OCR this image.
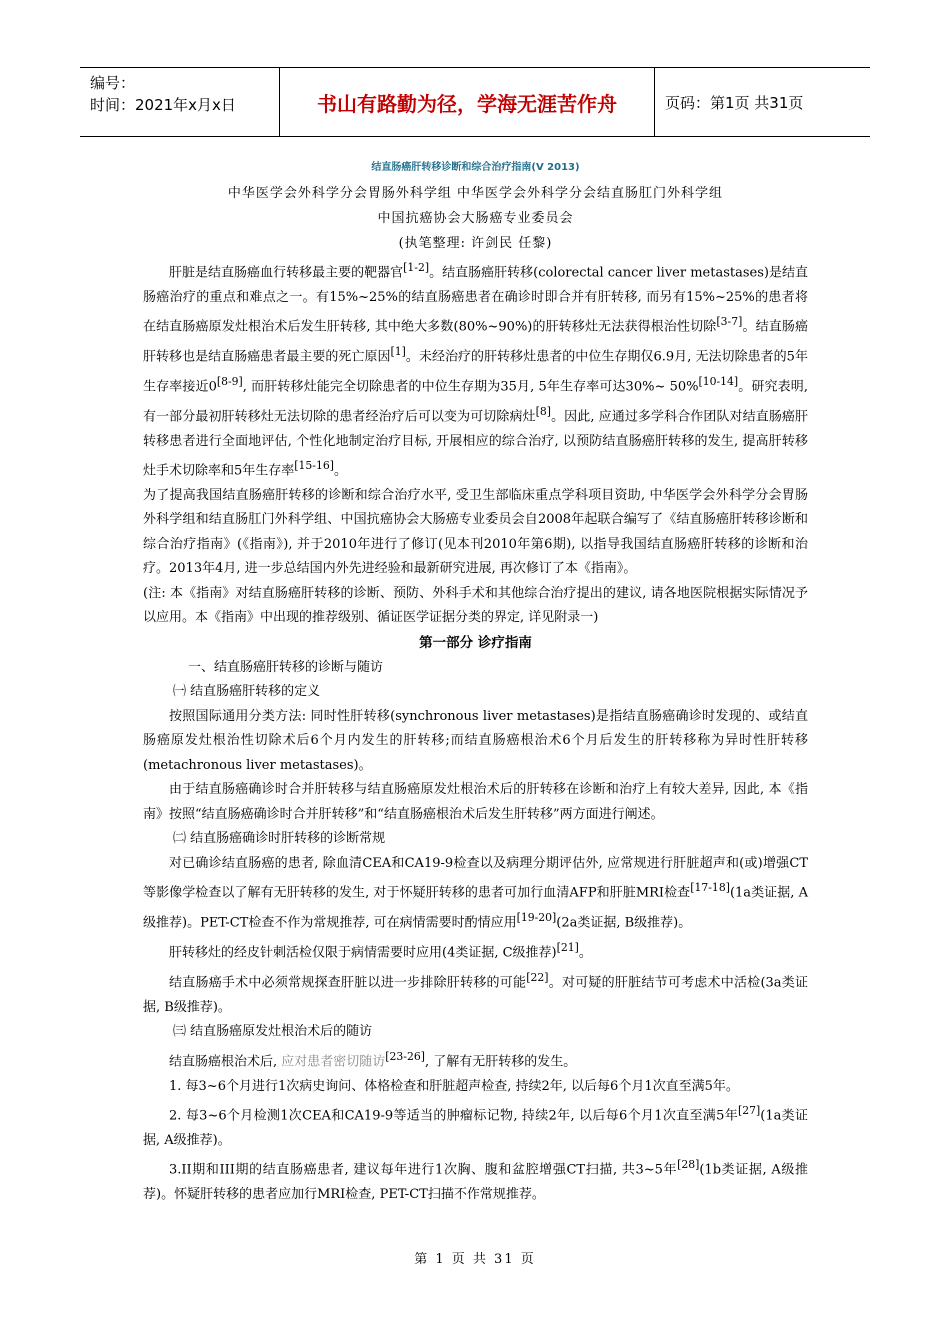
编号：
时间：2021年x月x日	书山有路勤为径，学海无涯苦作舟	页码：第1页 共31页
结直肠癌肝转移诊断和综合治疗指南(V 2013)
中华医学会外科学分会胃肠外科学组 中华医学会外科学分会结直肠肛门外科学组
中国抗癌协会大肠癌专业委员会
(执笔整理: 许剑民 任黎)

肝脏是结直肠癌血行转移最主要的靶器官[1-2]。结直肠癌肝转移(colorectal cancer liver metastases)是结直肠癌治疗的重点和难点之一。有15%~25%的结直肠癌患者在确诊时即合并有肝转移, 而另有15%~25%的患者将在结直肠癌原发灶根治术后发生肝转移, 其中绝大多数(80%~90%)的肝转移灶无法获得根治性切除[3-7]。结直肠癌肝转移也是结直肠癌患者最主要的死亡原因[1]。未经治疗的肝转移灶患者的中位生存期仅6.9月, 无法切除患者的5年生存率接近0[8-9], 而肝转移灶能完全切除患者的中位生存期为35月, 5年生存率可达30%~ 50%[10-14]。研究表明, 有一部分最初肝转移灶无法切除的患者经治疗后可以变为可切除病灶[8]。因此, 应通过多学科合作团队对结直肠癌肝转移患者进行全面地评估, 个性化地制定治疗目标, 开展相应的综合治疗, 以预防结直肠癌肝转移的发生, 提高肝转移灶手术切除率和5年生存率[15-16]。

为了提高我国结直肠癌肝转移的诊断和综合治疗水平, 受卫生部临床重点学科项目资助, 中华医学会外科学分会胃肠外科学组和结直肠肛门外科学组、中国抗癌协会大肠癌专业委员会自2008年起联合编写了《结直肠癌肝转移诊断和综合治疗指南》(《指南》), 并于2010年进行了修订(见本刊2010年第6期), 以指导我国结直肠癌肝转移的诊断和治疗。2013年4月, 进一步总结国内外先进经验和最新研究进展, 再次修订了本《指南》。

(注: 本《指南》对结直肠癌肝转移的诊断、预防、外科手术和其他综合治疗提出的建议, 请各地医院根据实际情况予以应用。本《指南》中出现的推荐级别、循证医学证据分类的界定, 详见附录一)

第一部分 诊疗指南

一、结直肠癌肝转移的诊断与随访

㈠ 结直肠癌肝转移的定义

按照国际通用分类方法: 同时性肝转移(synchronous liver metastases)是指结直肠癌确诊时发现的、或结直肠癌原发灶根治性切除术后6个月内发生的肝转移;而结直肠癌根治术6个月后发生的肝转移称为异时性肝转移(metachronous liver metastases)。

由于结直肠癌确诊时合并肝转移与结直肠癌原发灶根治术后的肝转移在诊断和治疗上有较大差异, 因此, 本《指南》按照“结直肠癌确诊时合并肝转移”和“结直肠癌根治术后发生肝转移”两方面进行阐述。

㈡ 结直肠癌确诊时肝转移的诊断常规

对已确诊结直肠癌的患者, 除血清CEA和CA19-9检查以及病理分期评估外, 应常规进行肝脏超声和(或)增强CT等影像学检查以了解有无肝转移的发生, 对于怀疑肝转移的患者可加行血清AFP和肝脏MRI检查[17-18](1a类证据, A级推荐)。PET-CT检查不作为常规推荐, 可在病情需要时酌情应用[19-20](2a类证据, B级推荐)。

肝转移灶的经皮针刺活检仅限于病情需要时应用(4类证据, C级推荐)[21]。

结直肠癌手术中必须常规探查肝脏以进一步排除肝转移的可能[22]。对可疑的肝脏结节可考虑术中活检(3a类证据, B级推荐)。

㈢ 结直肠癌原发灶根治术后的随访

结直肠癌根治术后, 应对患者密切随访[23-26], 了解有无肝转移的发生。

1. 每3~6个月进行1次病史询问、体格检查和肝脏超声检查, 持续2年, 以后每6个月1次直至满5年。

2. 每3~6个月检测1次CEA和CA19-9等适当的肿瘤标记物, 持续2年, 以后每6个月1次直至满5年[27](1a类证据, A级推荐)。

3.II期和III期的结直肠癌患者, 建议每年进行1次胸、腹和盆腔增强CT扫描, 共3~5年[28](1b类证据, A级推荐)。怀疑肝转移的患者应加行MRI检查, PET-CT扫描不作常规推荐。

第 1 页 共 31 页
